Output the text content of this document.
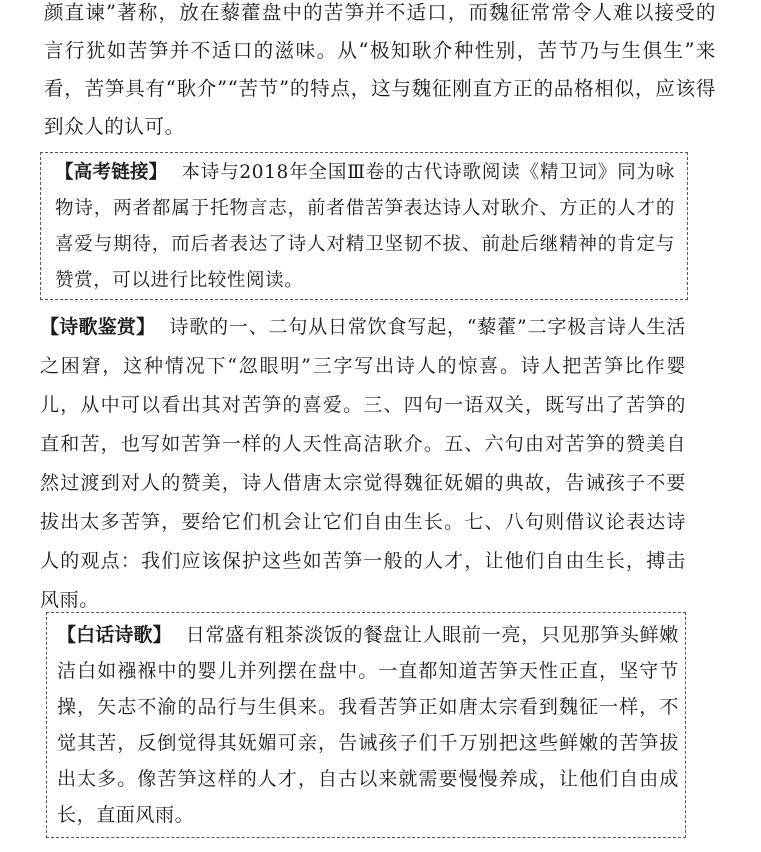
颜直谏”著称，放在藜藿盘中的苦笋并不适口，而魏征常常令人难以接受的言行犹如苦笋并不适口的滋味。从“极知耿介种性别，苦节乃与生俱生”来看，苦笋具有“耿介”“苦节”的特点，这与魏征刚直方正的品格相似，应该得到众人的认可。

【高考链接】 本诗与2018年全国Ⅲ卷的古代诗歌阅读《精卫词》同为咏物诗，两者都属于托物言志，前者借苦笋表达诗人对耿介、方正的人才的喜爱与期待，而后者表达了诗人对精卫坚韧不拔、前赴后继精神的肯定与赞赏，可以进行比较性阅读。

【诗歌鉴赏】 诗歌的一、二句从日常饮食写起，“藜藿”二字极言诗人生活之困窘，这种情况下“忽眼明”三字写出诗人的惊喜。诗人把苦笋比作婴儿，从中可以看出其对苦笋的喜爱。三、四句一语双关，既写出了苦笋的直和苦，也写如苦笋一样的人天性高洁耿介。五、六句由对苦笋的赞美自然过渡到对人的赞美，诗人借唐太宗觉得魏征妩媚的典故，告诫孩子不要拔出太多苦笋，要给它们机会让它们自由生长。七、八句则借议论表达诗人的观点：我们应该保护这些如苦笋一般的人才，让他们自由生长，搏击风雨。

【白话诗歌】 日常盛有粗茶淡饭的餐盘让人眼前一亮，只见那笋头鲜嫩洁白如襁褓中的婴儿并列摆在盘中。一直都知道苦笋天性正直，坚守节操，矢志不渝的品行与生俱来。我看苦笋正如唐太宗看到魏征一样，不觉其苦，反倒觉得其妩媚可亲，告诫孩子们千万别把这些鲜嫩的苦笋拔出太多。像苦笋这样的人才，自古以来就需要慢慢养成，让他们自由成长，直面风雨。
